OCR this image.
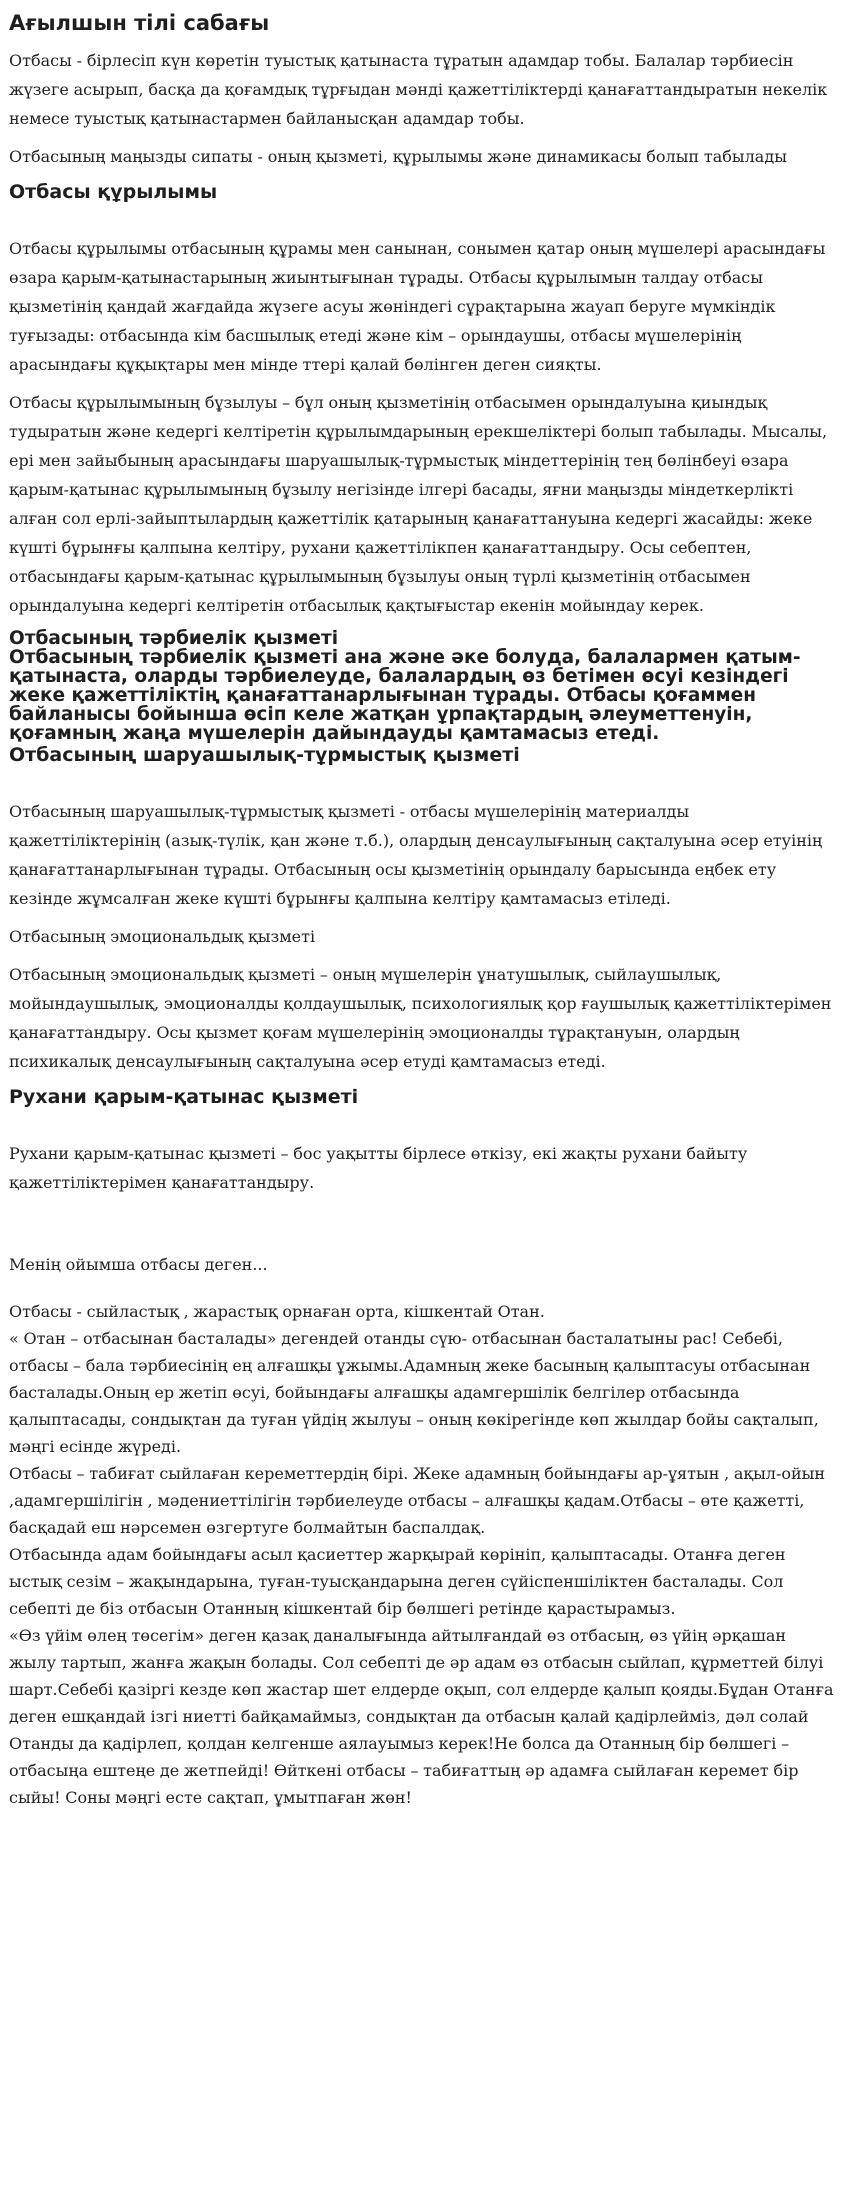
Ағылшын тілі сабағы

Отбасы - бірлесіп күн көретін туыстық қатынаста тұратын адамдар тобы. Балалар тәрбиесін жүзеге асырып, басқа да қоғамдық тұрғыдан мәнді қажеттіліктерді қанағаттандыратын некелік немесе туыстық қатынастармен байланысқан адамдар тобы.

Отбасының маңызды сипаты - оның қызметі, құрылымы және динамикасы болып табылады

Отбасы құрылымы

Отбасы құрылымы отбасының құрамы мен санынан, сонымен қатар оның мүшелері арасындағы өзара қарым-қатынастарының жиынтығынан тұрады. Отбасы құрылымын талдау отбасы қызметінің қандай жағдайда жүзеге асуы жөніндегі сұрақтарына жауап беруге мүмкіндік туғызады: отбасында кім басшылық етеді және кім – орындаушы, отбасы мүшелерінің арасындағы құқықтары мен мінде ттері қалай бөлінген деген сияқты.

Отбасы құрылымының бұзылуы – бұл оның қызметінің отбасымен орындалуына қиындық тудыратын және кедергі келтіретін құрылымдарының ерекшеліктері болып табылады. Мысалы, ері мен зайыбының арасындағы шаруашылық-тұрмыстық міндеттерінің тең бөлінбеуі өзара қарым-қатынас құрылымының бұзылу негізінде ілгері басады, яғни маңызды міндеткерлікті алған сол ерлі-зайыптылардың қажеттілік қатарының қанағаттануына кедергі жасайды: жеке күшті бұрынғы қалпына келтіру, рухани қажеттілікпен қанағаттандыру. Осы себептен, отбасындағы қарым-қатынас құрылымының бұзылуы оның түрлі қызметінің отбасымен орындалуына кедергі келтіретін отбасылық қақтығыстар екенін мойындау керек.

Отбасының тәрбиелік қызметі
Отбасының тәрбиелік қызметі ана және әке болуда, балалармен қатым-қатынаста, оларды тәрбиелеуде, балалардың өз бетімен өсуі кезіндегі жеке қажеттіліктің қанағаттанарлығынан тұрады. Отбасы қоғаммен байланысы бойынша өсіп келе жатқан ұрпақтардың әлеуметтенуін, қоғамның жаңа мүшелерін дайындауды қамтамасыз етеді.
Отбасының шаруашылық-тұрмыстық қызметі

Отбасының шаруашылық-тұрмыстық қызметі - отбасы мүшелерінің материалды қажеттіліктерінің (азық-түлік, қан және т.б.), олардың денсаулығының сақталуына әсер етуінің қанағаттанарлығынан тұрады. Отбасының осы қызметінің орындалу барысында еңбек ету кезінде жұмсалған жеке күшті бұрынғы қалпына келтіру қамтамасыз етіледі.

Отбасының эмоциональдық қызметі

Отбасының эмоциональдық қызметі – оның мүшелерін ұнатушылық, сыйлаушылық, мойындаушылық, эмоционалды қолдаушылық, психологиялық қор ғаушылық қажеттіліктерімен қанағаттандыру. Осы қызмет қоғам мүшелерінің эмоционалды тұрақтануын, олардың психикалық денсаулығының сақталуына әсер етуді қамтамасыз етеді.

Рухани қарым-қатынас қызметі

Рухани қарым-қатынас қызметі – бос уақытты бірлесе өткізу, екі жақты рухани байыту қажеттіліктерімен қанағаттандыру.

Менің ойымша отбасы деген...

Отбасы - сыйластық , жарастық орнаған орта, кішкентай Отан.

« Отан – отбасынан басталады» дегендей отанды сүю- отбасынан басталатыны рас! Себебі, отбасы – бала тәрбиесінің ең алғашқы ұжымы.Адамның жеке басының қалыптасуы отбасынан басталады.Оның ер жетіп өсуі, бойындағы алғашқы адамгершілік белгілер отбасында қалыптасады, сондықтан да туған үйдің жылуы – оның көкірегінде көп жылдар бойы сақталып, мәңгі есінде жүреді.

Отбасы – табиғат сыйлаған кереметтердің бірі. Жеке адамның бойындағы ар-ұятын , ақыл-ойын ,адамгершілігін , мәдениеттілігін тәрбиелеуде отбасы – алғашқы қадам.Отбасы – өте қажетті, басқадай еш нәрсемен өзгертуге болмайтын баспалдақ.

Отбасында адам бойындағы асыл қасиеттер жарқырай көрініп, қалыптасады. Отанға деген ыстық сезім – жақындарына, туған-туысқандарына деген сүйіспеншіліктен басталады. Сол себепті де біз отбасын Отанның кішкентай бір бөлшегі ретінде қарастырамыз.

«Өз үйім өлең төсегім» деген қазақ даналығында айтылғандай өз отбасың, өз үйің әрқашан жылу тартып, жанға жақын болады. Сол себепті де әр адам өз отбасын сыйлап, құрметтей білуі шарт.Себебі қазіргі кезде көп жастар шет елдерде оқып, сол елдерде қалып қояды.Бұдан Отанға деген ешқандай ізгі ниетті байқамаймыз, сондықтан да отбасын қалай қадірлейміз, дәл солай Отанды да қадірлеп, қолдан келгенше аялауымыз керек!Не болса да Отанның бір бөлшегі – отбасыңа ештеңе де жетпейді! Өйткені отбасы – табиғаттың әр адамға сыйлаған керемет бір сыйы! Соны мәңгі есте сақтап, ұмытпаған жөн!
